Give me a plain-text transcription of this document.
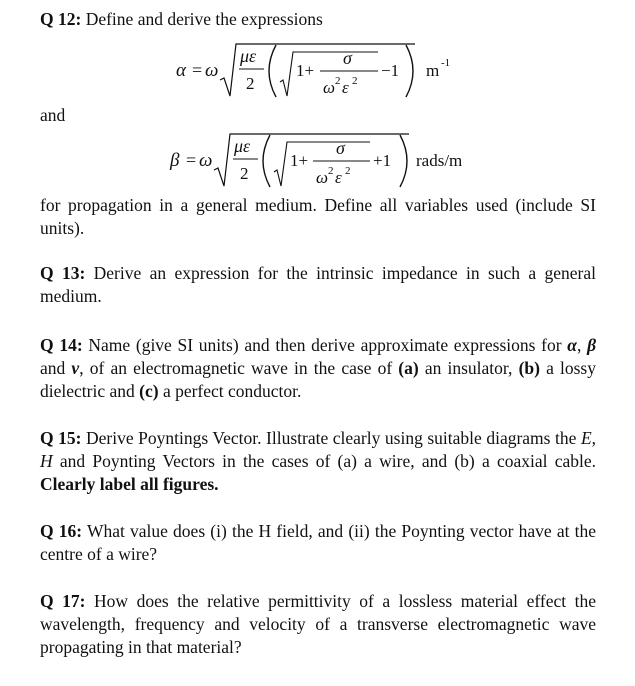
Q 12: Define and derive the expressions
α = ω
με
2
1+
σ
ω 2 ε 2
−1 m -1
β = ω
με
2
1+
σ
ω 2 ε 2
+1 rads/m
and
for propagation in a general medium. Define all variables used (include SI units).
Q 13: Derive an expression for the intrinsic impedance in such a general medium.
Q 14: Name (give SI units) and then derive approximate expressions for α, β and v, of an electromagnetic wave in the case of (a) an insulator, (b) a lossy dielectric and (c) a perfect conductor.
Q 15: Derive Poyntings Vector. Illustrate clearly using suitable diagrams the E, H and Poynting Vectors in the cases of (a) a wire, and (b) a coaxial cable. Clearly label all figures.
Q 16: What value does (i) the H field, and (ii) the Poynting vector have at the centre of a wire?
Q 17: How does the relative permittivity of a lossless material effect the wavelength, frequency and velocity of a transverse electromagnetic wave propagating in that material?
